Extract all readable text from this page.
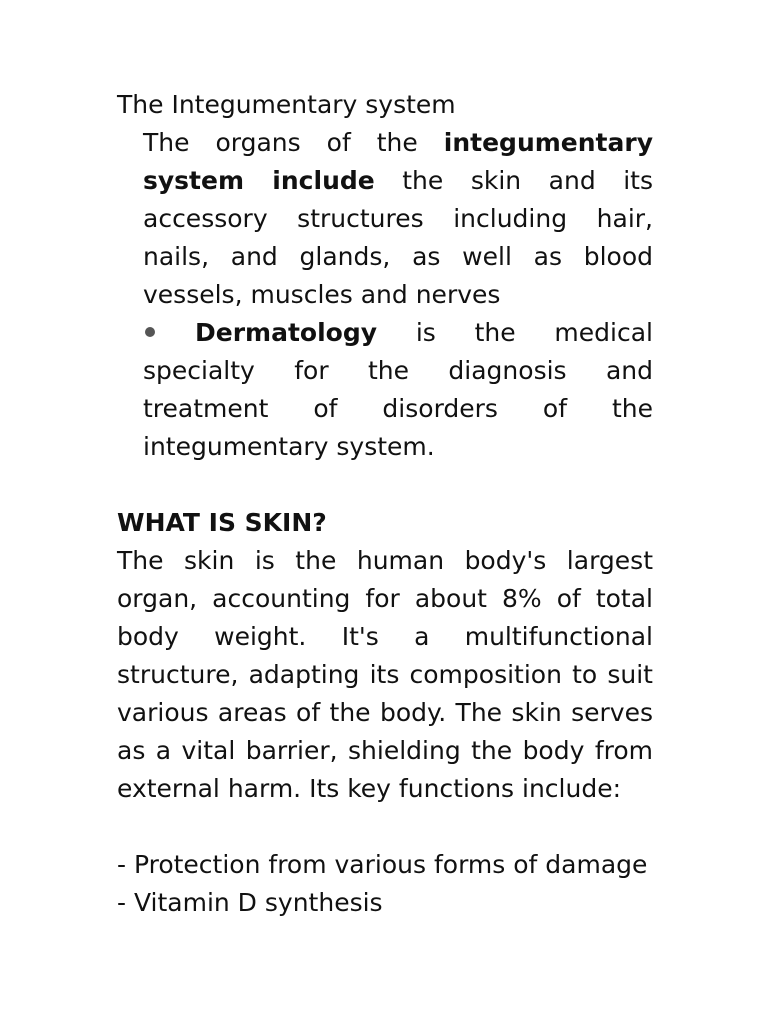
The Integumentary system

The organs of the integumentary system include the skin and its accessory structures including hair, nails, and glands, as well as blood vessels, muscles and nerves

Dermatology is the medical specialty for the diagnosis and treatment of disorders of the integumentary system.

WHAT IS SKIN?

The skin is the human body's largest organ, accounting for about 8% of total body weight. It's a multifunctional structure, adapting its composition to suit various areas of the body. The skin serves as a vital barrier, shielding the body from external harm. Its key functions include:

- Protection from various forms of damage
- Vitamin D synthesis
